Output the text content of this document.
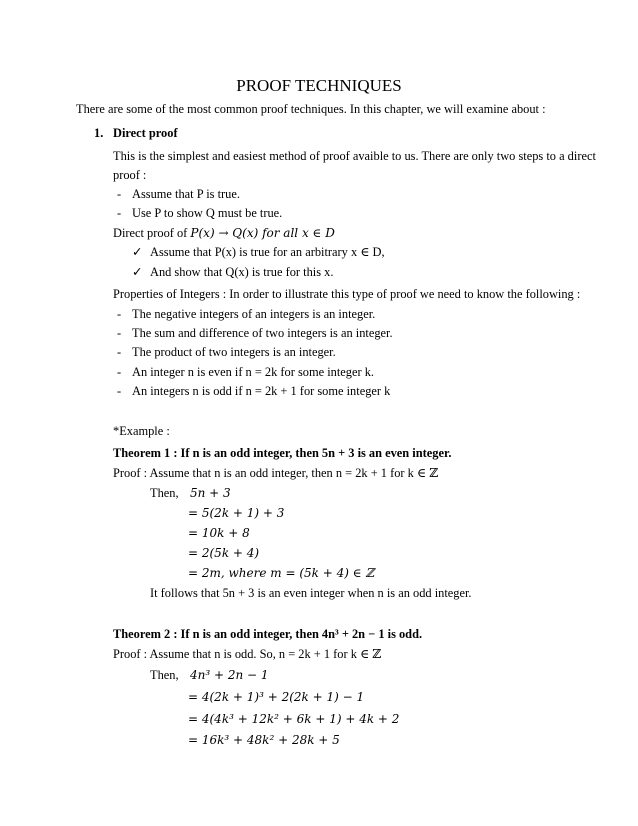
PROOF TECHNIQUES
There are some of the most common proof techniques. In this chapter, we will examine about :
1. Direct proof
This is the simplest and easiest method of proof avaible to us. There are only two steps to a direct
proof :
- Assume that P is true.
- Use P to show Q must be true.
Direct proof of P(x) → Q(x) for all x ∈ D
✓ Assume that P(x) is true for an arbitrary x ∈ D,
✓ And show that Q(x) is true for this x.
Properties of Integers : In order to illustrate this type of proof we need to know the following :
- The negative integers of an integers is an integer.
- The sum and difference of two integers is an integer.
- The product of two integers is an integer.
- An integer n is even if n = 2k for some integer k.
- An integers n is odd if n = 2k + 1 for some integer k
*Example :
Theorem 1 : If n is an odd integer, then 5n + 3 is an even integer.
Proof : Assume that n is an odd integer, then n = 2k + 1 for k ∈ ℤ
Then, 5n + 3
= 5(2k + 1) + 3
= 10k + 8
= 2(5k + 4)
= 2m, where m = (5k + 4) ∈ ℤ
It follows that 5n + 3 is an even integer when n is an odd integer.
Theorem 2 : If n is an odd integer, then 4n³ + 2n − 1 is odd.
Proof : Assume that n is odd. So, n = 2k + 1 for k ∈ ℤ
Then, 4n³ + 2n − 1
= 4(2k + 1)³ + 2(2k + 1) − 1
= 4(4k³ + 12k² + 6k + 1) + 4k + 2
= 16k³ + 48k² + 28k + 5
